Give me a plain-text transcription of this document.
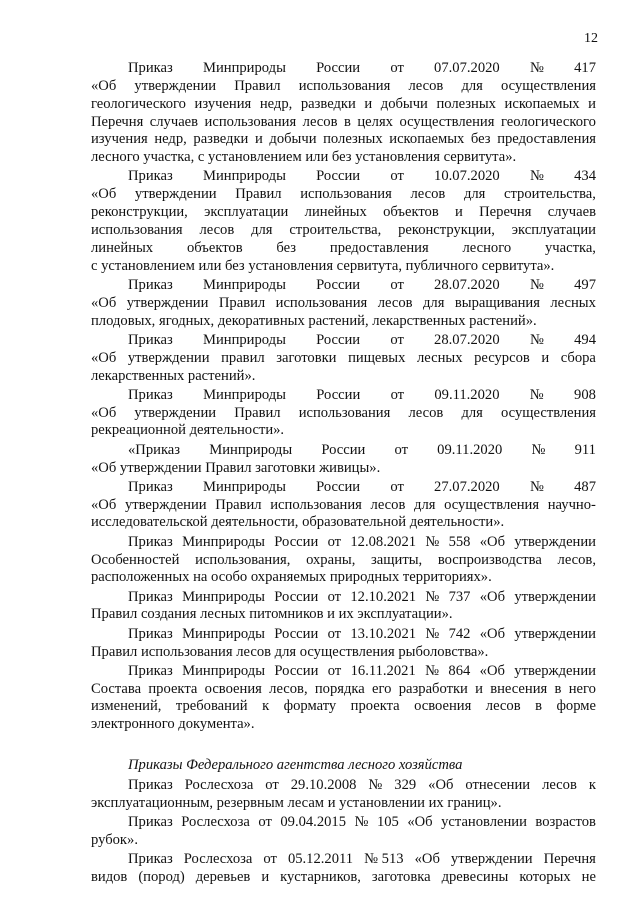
12
Приказ Минприроды России от 07.07.2020 № 417
«Об утверждении Правил использования лесов для осуществления
геологического изучения недр, разведки и добычи полезных ископаемых и
Перечня случаев использования лесов в целях осуществления геологического
изучения недр, разведки и добычи полезных ископаемых без предоставления
лесного участка, с установлением или без установления сервитута».
Приказ Минприроды России от 10.07.2020 № 434
«Об утверждении Правил использования лесов для строительства,
реконструкции, эксплуатации линейных объектов и Перечня случаев
использования лесов для строительства, реконструкции, эксплуатации
линейных объектов без предоставления лесного участка,
с установлением или без установления сервитута, публичного сервитута».
Приказ Минприроды России от 28.07.2020 № 497
«Об утверждении Правил использования лесов для выращивания лесных
плодовых, ягодных, декоративных растений, лекарственных растений».
Приказ Минприроды России от 28.07.2020 № 494
«Об утверждении правил заготовки пищевых лесных ресурсов и сбора
лекарственных растений».
Приказ Минприроды России от 09.11.2020 № 908
«Об утверждении Правил использования лесов для осуществления
рекреационной деятельности».
«Приказ Минприроды России от 09.11.2020 № 911
«Об утверждении Правил заготовки живицы».
Приказ Минприроды России от 27.07.2020 № 487
«Об утверждении Правил использования лесов для осуществления научно-
исследовательской деятельности, образовательной деятельности».
Приказ Минприроды России от 12.08.2021 № 558 «Об утверждении
Особенностей использования, охраны, защиты, воспроизводства лесов,
расположенных на особо охраняемых природных территориях».
Приказ Минприроды России от 12.10.2021 № 737 «Об утверждении
Правил создания лесных питомников и их эксплуатации».
Приказ Минприроды России от 13.10.2021 № 742 «Об утверждении
Правил использования лесов для осуществления рыболовства».
Приказ Минприроды России от 16.11.2021 № 864 «Об утверждении
Состава проекта освоения лесов, порядка его разработки и внесения в него
изменений, требований к формату проекта освоения лесов в форме
электронного документа».
Приказы Федерального агентства лесного хозяйства
Приказ Рослесхоза от 29.10.2008 № 329 «Об отнесении лесов к
эксплуатационным, резервным лесам и установлении их границ».
Приказ Рослесхоза от 09.04.2015 № 105 «Об установлении возрастов
рубок».
Приказ Рослесхоза от 05.12.2011 № 513 «Об утверждении Перечня
видов (пород) деревьев и кустарников, заготовка древесины которых не
